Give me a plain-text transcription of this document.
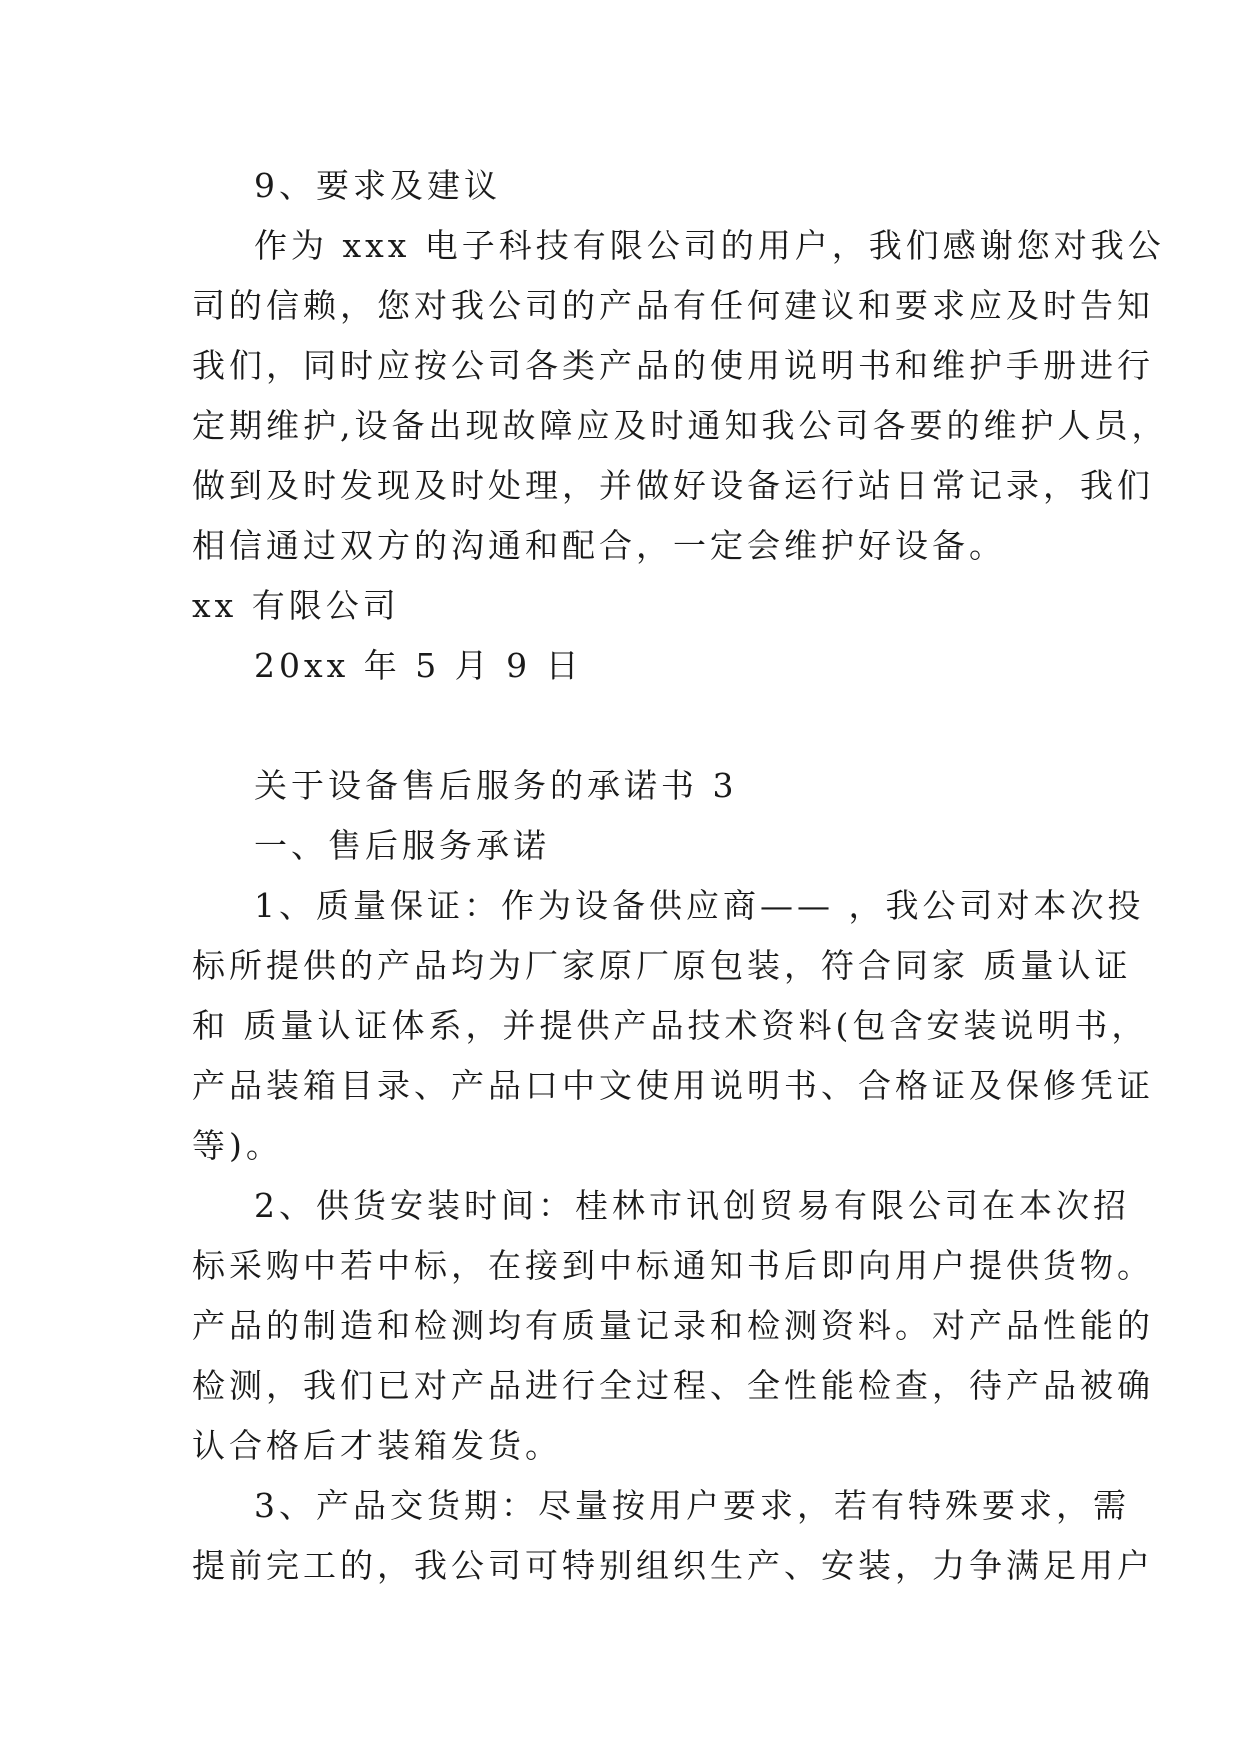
9、要求及建议
作为 xxx 电子科技有限公司的用户，我们感谢您对我公
司的信赖，您对我公司的产品有任何建议和要求应及时告知
我们，同时应按公司各类产品的使用说明书和维护手册进行
定期维护,设备出现故障应及时通知我公司各要的维护人员，
做到及时发现及时处理，并做好设备运行站日常记录，我们
相信通过双方的沟通和配合，一定会维护好设备。
xx 有限公司
20xx 年 5 月 9 日
关于设备售后服务的承诺书 3
一、售后服务承诺
1、质量保证：作为设备供应商—— ，我公司对本次投
标所提供的产品均为厂家原厂原包装，符合同家 质量认证
和 质量认证体系，并提供产品技术资料(包含安装说明书，
产品装箱目录、产品口中文使用说明书、合格证及保修凭证
等)。
2、供货安装时间：桂林市讯创贸易有限公司在本次招
标采购中若中标，在接到中标通知书后即向用户提供货物。
产品的制造和检测均有质量记录和检测资料。对产品性能的
检测，我们已对产品进行全过程、全性能检查，待产品被确
认合格后才装箱发货。
3、产品交货期：尽量按用户要求，若有特殊要求，需
提前完工的，我公司可特别组织生产、安装，力争满足用户
